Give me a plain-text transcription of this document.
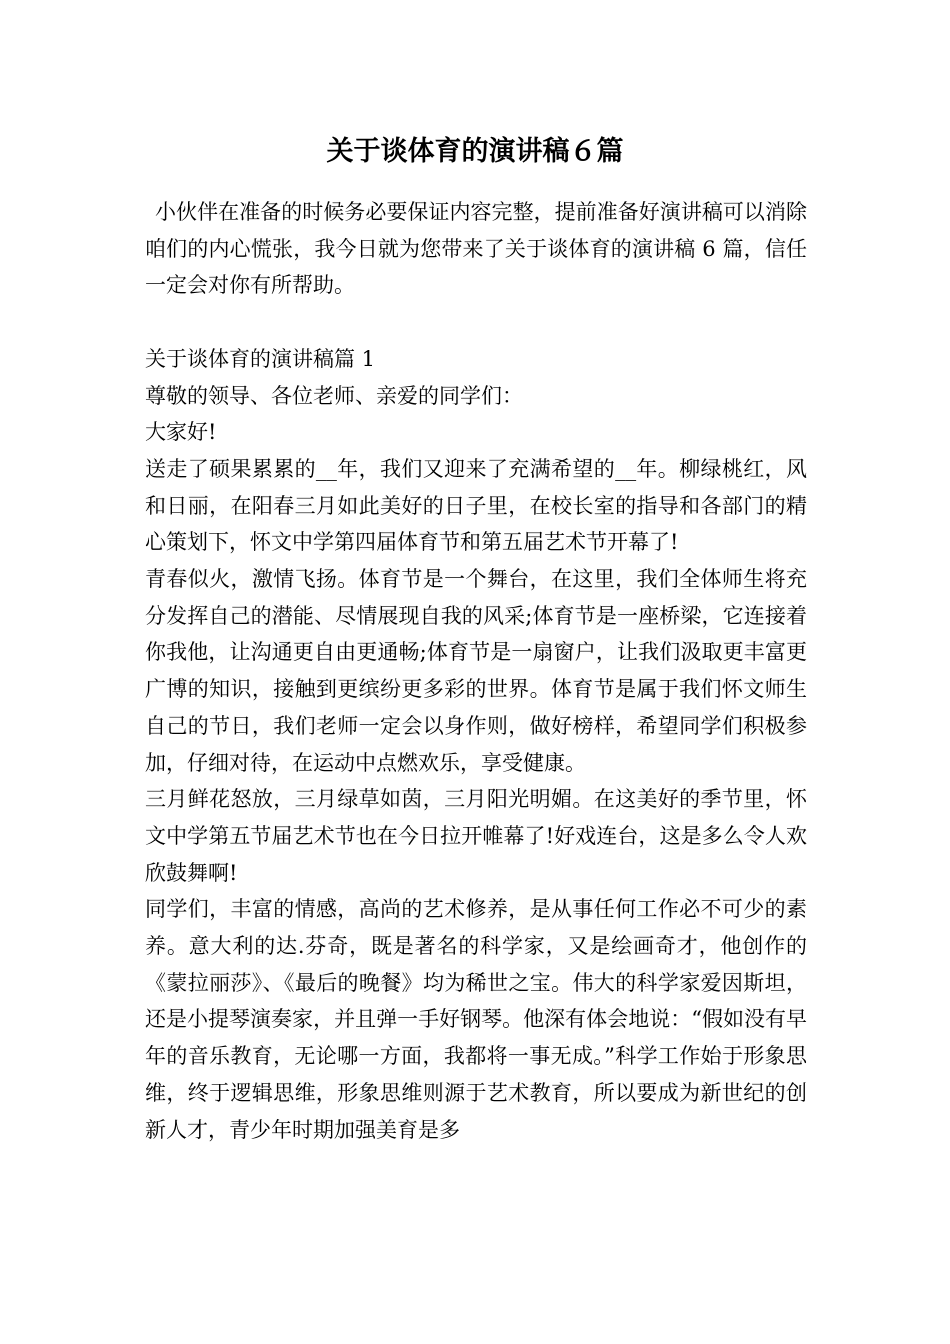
关于谈体育的演讲稿６篇

小伙伴在准备的时候务必要保证内容完整，提前准备好演讲稿可以消除咱们的内心慌张，我今日就为您带来了关于谈体育的演讲稿 6 篇，信任一定会对你有所帮助。

关于谈体育的演讲稿篇 1

尊敬的领导、各位老师、亲爱的同学们：

大家好!

送走了硕果累累的__年，我们又迎来了充满希望的__年。柳绿桃红，风和日丽，在阳春三月如此美好的日子里，在校长室的指导和各部门的精心策划下，怀文中学第四届体育节和第五届艺术节开幕了!

青春似火，激情飞扬。体育节是一个舞台，在这里，我们全体师生将充分发挥自己的潜能、尽情展现自我的风采;体育节是一座桥梁，它连接着你我他，让沟通更自由更通畅;体育节是一扇窗户，让我们汲取更丰富更广博的知识，接触到更缤纷更多彩的世界。体育节是属于我们怀文师生自己的节日，我们老师一定会以身作则，做好榜样，希望同学们积极参加，仔细对待，在运动中点燃欢乐，享受健康。

三月鲜花怒放，三月绿草如茵，三月阳光明媚。在这美好的季节里，怀文中学第五节届艺术节也在今日拉开帷幕了!好戏连台，这是多么令人欢欣鼓舞啊!

同学们，丰富的情感，高尚的艺术修养，是从事任何工作必不可少的素养。意大利的达.芬奇，既是著名的科学家，又是绘画奇才，他创作的《蒙拉丽莎》、《最后的晚餐》均为稀世之宝。伟大的科学家爱因斯坦，还是小提琴演奏家，并且弹一手好钢琴。他深有体会地说：“假如没有早年的音乐教育，无论哪一方面，我都将一事无成。”科学工作始于形象思维，终于逻辑思维，形象思维则源于艺术教育，所以要成为新世纪的创新人才，青少年时期加强美育是多
